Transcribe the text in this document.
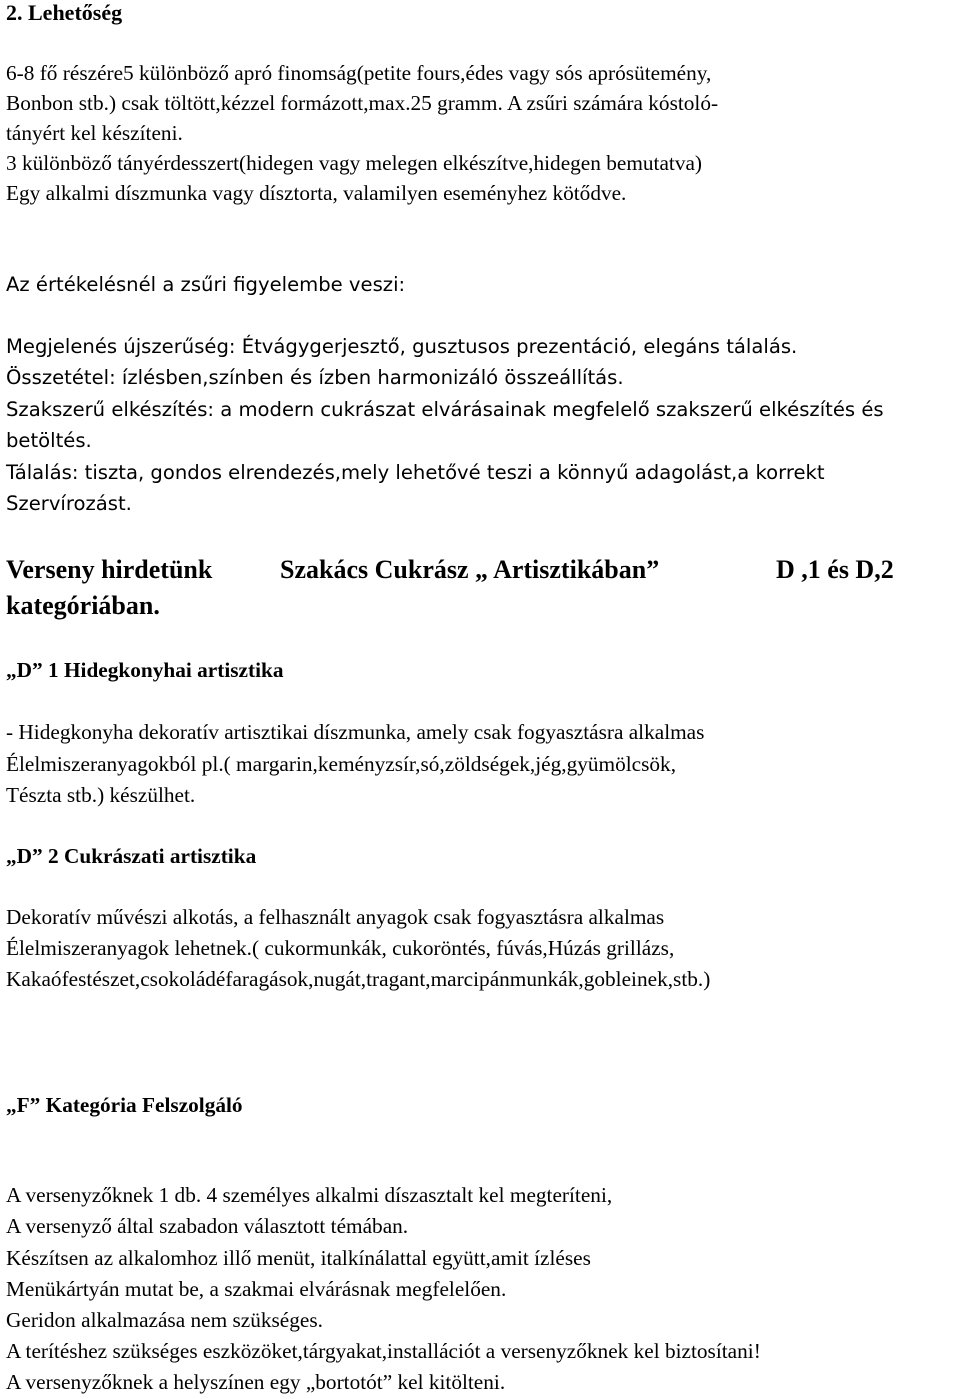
2. Lehetőség
6-8 fő részére5 különböző apró finomság(petite fours,édes vagy sós aprósütemény,
Bonbon stb.) csak töltött,kézzel formázott,max.25 gramm. A zsűri számára kóstoló-
tányért kel készíteni.
3 különböző tányérdesszert(hidegen vagy melegen elkészítve,hidegen bemutatva)
Egy alkalmi díszmunka vagy dísztorta, valamilyen eseményhez kötődve.
Az értékelésnél a zsűri figyelembe veszi:
Megjelenés újszerűség: Étvágygerjesztő, gusztusos prezentáció, elegáns tálalás.
Összetétel: ízlésben,színben és ízben harmonizáló összeállítás.
Szakszerű elkészítés: a modern cukrászat elvárásainak megfelelő szakszerű elkészítés és
betöltés.
Tálalás: tiszta, gondos elrendezés,mely lehetővé teszi a könnyű adagolást,a korrekt
Szervírozást.
Verseny hirdetünk	Szakács Cukrász „ Artisztikában”	D ,1 és D,2
kategóriában.
„D” 1 Hidegkonyhai artisztika
- Hidegkonyha dekoratív artisztikai díszmunka, amely csak fogyasztásra alkalmas
Élelmiszeranyagokból pl.( margarin,keményzsír,só,zöldségek,jég,gyümölcsök,
Tészta stb.) készülhet.
„D” 2 Cukrászati artisztika
Dekoratív művészi alkotás, a felhasznált anyagok csak fogyasztásra alkalmas
Élelmiszeranyagok lehetnek.( cukormunkák, cukoröntés, fúvás,Húzás grillázs,
Kakaófestészet,csokoládéfaragások,nugát,tragant,marcipánmunkák,gobleinek,stb.)
„F” Kategória Felszolgáló
A versenyzőknek 1 db. 4 személyes alkalmi díszasztalt kel megteríteni,
A versenyző által szabadon választott témában.
Készítsen az alkalomhoz illő menüt, italkínálattal együtt,amit ízléses
Menükártyán mutat be, a szakmai elvárásnak megfelelően.
Geridon alkalmazása nem szükséges.
A terítéshez szükséges eszközöket,tárgyakat,installációt a versenyzőknek kel biztosítani!
A versenyzőknek a helyszínen egy „bortotót” kel kitölteni.
